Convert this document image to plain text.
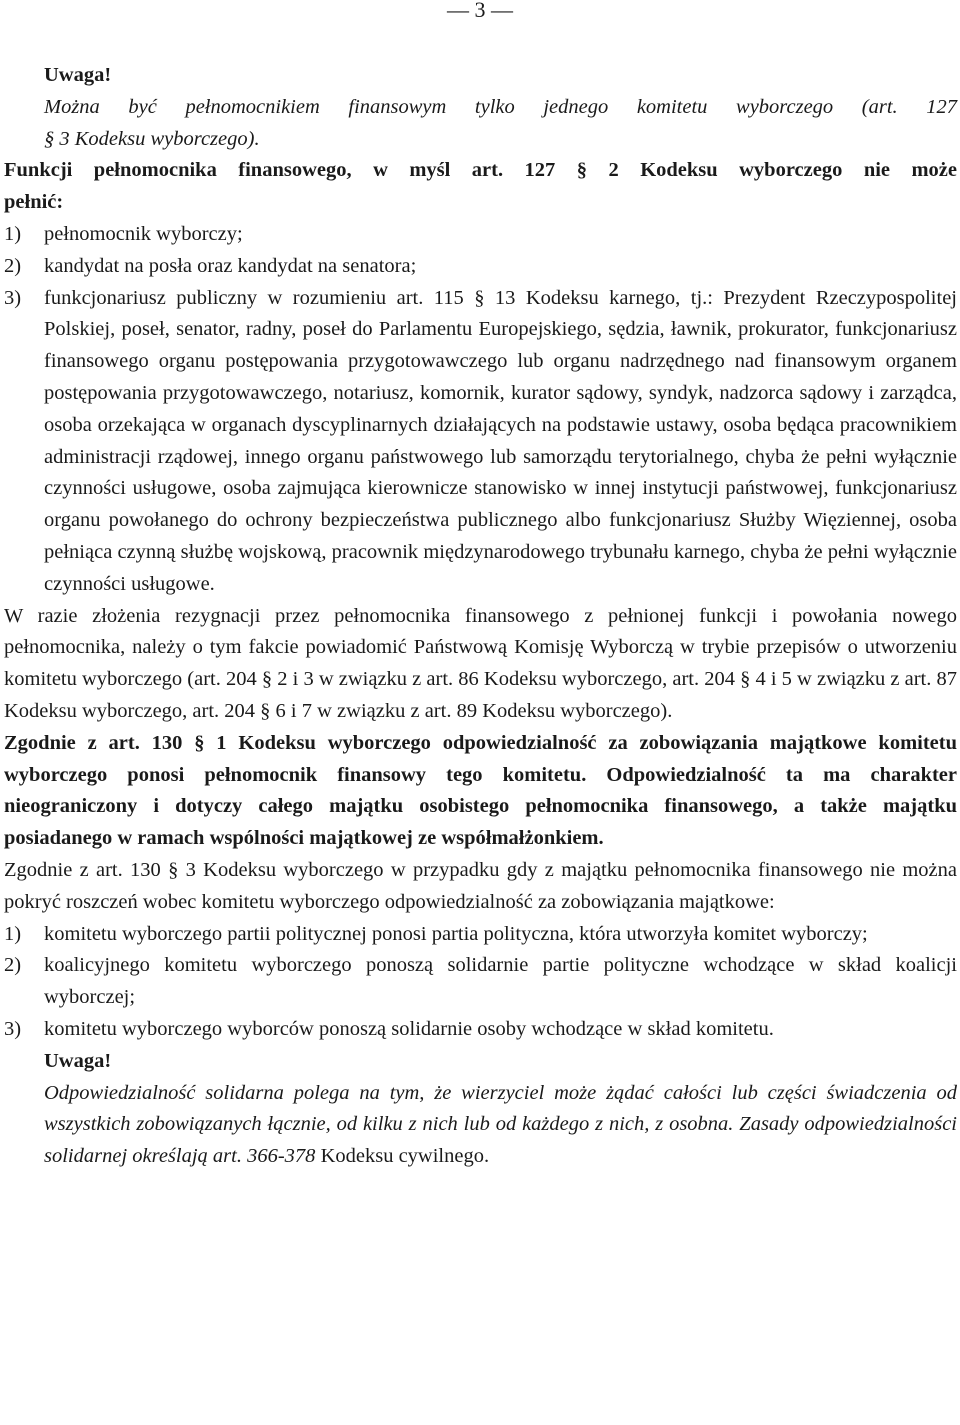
— 3 —

Uwaga!

Można być pełnomocnikiem finansowym tylko jednego komitetu wyborczego (art. 127

§ 3 Kodeksu wyborczego).

Funkcji pełnomocnika finansowego, w myśl art. 127 § 2 Kodeksu wyborczego nie może

pełnić:

1)	pełnomocnik wyborczy;
2)	kandydat na posła oraz kandydat na senatora;
3)	funkcjonariusz publiczny w rozumieniu art. 115 § 13 Kodeksu karnego, tj.: Prezydent Rzeczypospolitej Polskiej, poseł, senator, radny, poseł do Parlamentu Europejskiego, sędzia, ławnik, prokurator, funkcjonariusz finansowego organu postępowania przygotowawczego lub organu nadrzędnego nad finansowym organem postępowania przygotowawczego, notariusz, komornik, kurator sądowy, syndyk, nadzorca sądowy i zarządca, osoba orzekająca w organach dyscyplinarnych działających na podstawie ustawy, osoba będąca pracownikiem administracji rządowej, innego organu państwowego lub samorządu terytorialnego, chyba że pełni wyłącznie czynności usługowe, osoba zajmująca kierownicze stanowisko w innej instytucji państwowej, funkcjonariusz organu powołanego do ochrony bezpieczeństwa publicznego albo funkcjonariusz Służby Więziennej, osoba pełniąca czynną służbę wojskową, pracownik międzynarodowego trybunału karnego, chyba że pełni wyłącznie czynności usługowe.

W razie złożenia rezygnacji przez pełnomocnika finansowego z pełnionej funkcji i powołania nowego pełnomocnika, należy o tym fakcie powiadomić Państwową Komisję Wyborczą w trybie przepisów o utworzeniu komitetu wyborczego (art. 204 § 2 i 3 w związku z art. 86 Kodeksu wyborczego, art. 204 § 4 i 5 w związku z art. 87 Kodeksu wyborczego, art. 204 § 6 i 7 w związku z art. 89 Kodeksu wyborczego).

Zgodnie z art. 130 § 1 Kodeksu wyborczego odpowiedzialność za zobowiązania majątkowe komitetu wyborczego ponosi pełnomocnik finansowy tego komitetu. Odpowiedzialność ta ma charakter nieograniczony i dotyczy całego majątku osobistego pełnomocnika finansowego, a także majątku posiadanego w ramach wspólności majątkowej ze współmałżonkiem.

Zgodnie z art. 130 § 3 Kodeksu wyborczego w przypadku gdy z majątku pełnomocnika finansowego nie można pokryć roszczeń wobec komitetu wyborczego odpowiedzialność za zobowiązania majątkowe:

1)	komitetu wyborczego partii politycznej ponosi partia polityczna, która utworzyła komitet wyborczy;
2)	koalicyjnego komitetu wyborczego ponoszą solidarnie partie polityczne wchodzące w skład koalicji wyborczej;
3)	komitetu wyborczego wyborców ponoszą solidarnie osoby wchodzące w skład komitetu.

Uwaga!

Odpowiedzialność solidarna polega na tym, że wierzyciel może żądać całości lub części świadczenia od wszystkich zobowiązanych łącznie, od kilku z nich lub od każdego z nich, z osobna. Zasady odpowiedzialności solidarnej określają art. 366-378 Kodeksu cywilnego.
